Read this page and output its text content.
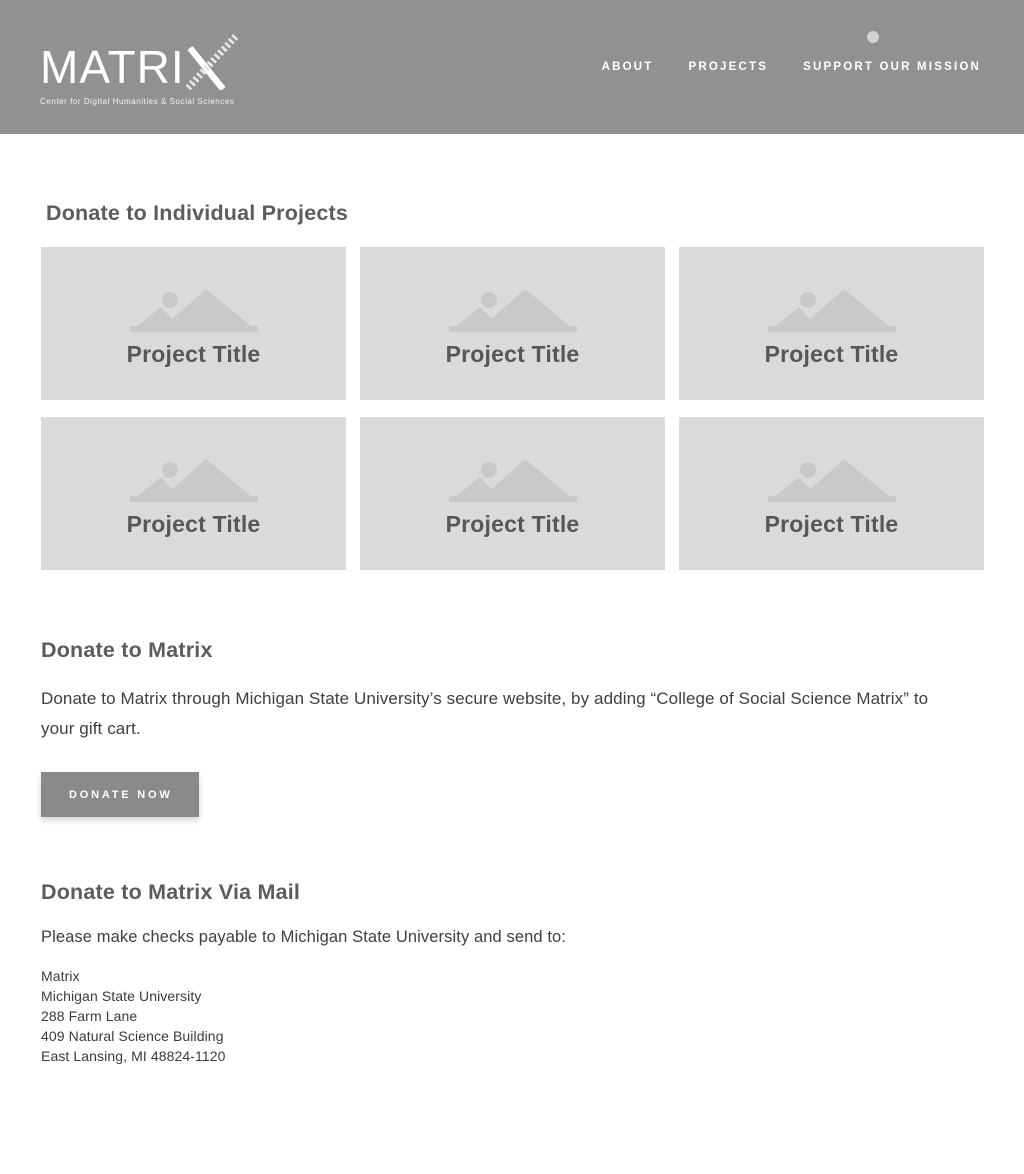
MATRI
Center for Digital Humanities & Social Sciences
ABOUT	PROJECTS	SUPPORT OUR MISSION
Donate to Individual Projects
Project Title	Project Title	Project Title
Project Title	Project Title	Project Title
Donate to Matrix

Donate to Matrix through Michigan State University’s secure website, by adding “College of Social Science Matrix” to your gift cart.

DONATE NOW
Donate to Matrix Via Mail

Please make checks payable to Michigan State University and send to:

Matrix
Michigan State University
288 Farm Lane
409 Natural Science Building
East Lansing, MI 48824-1120
